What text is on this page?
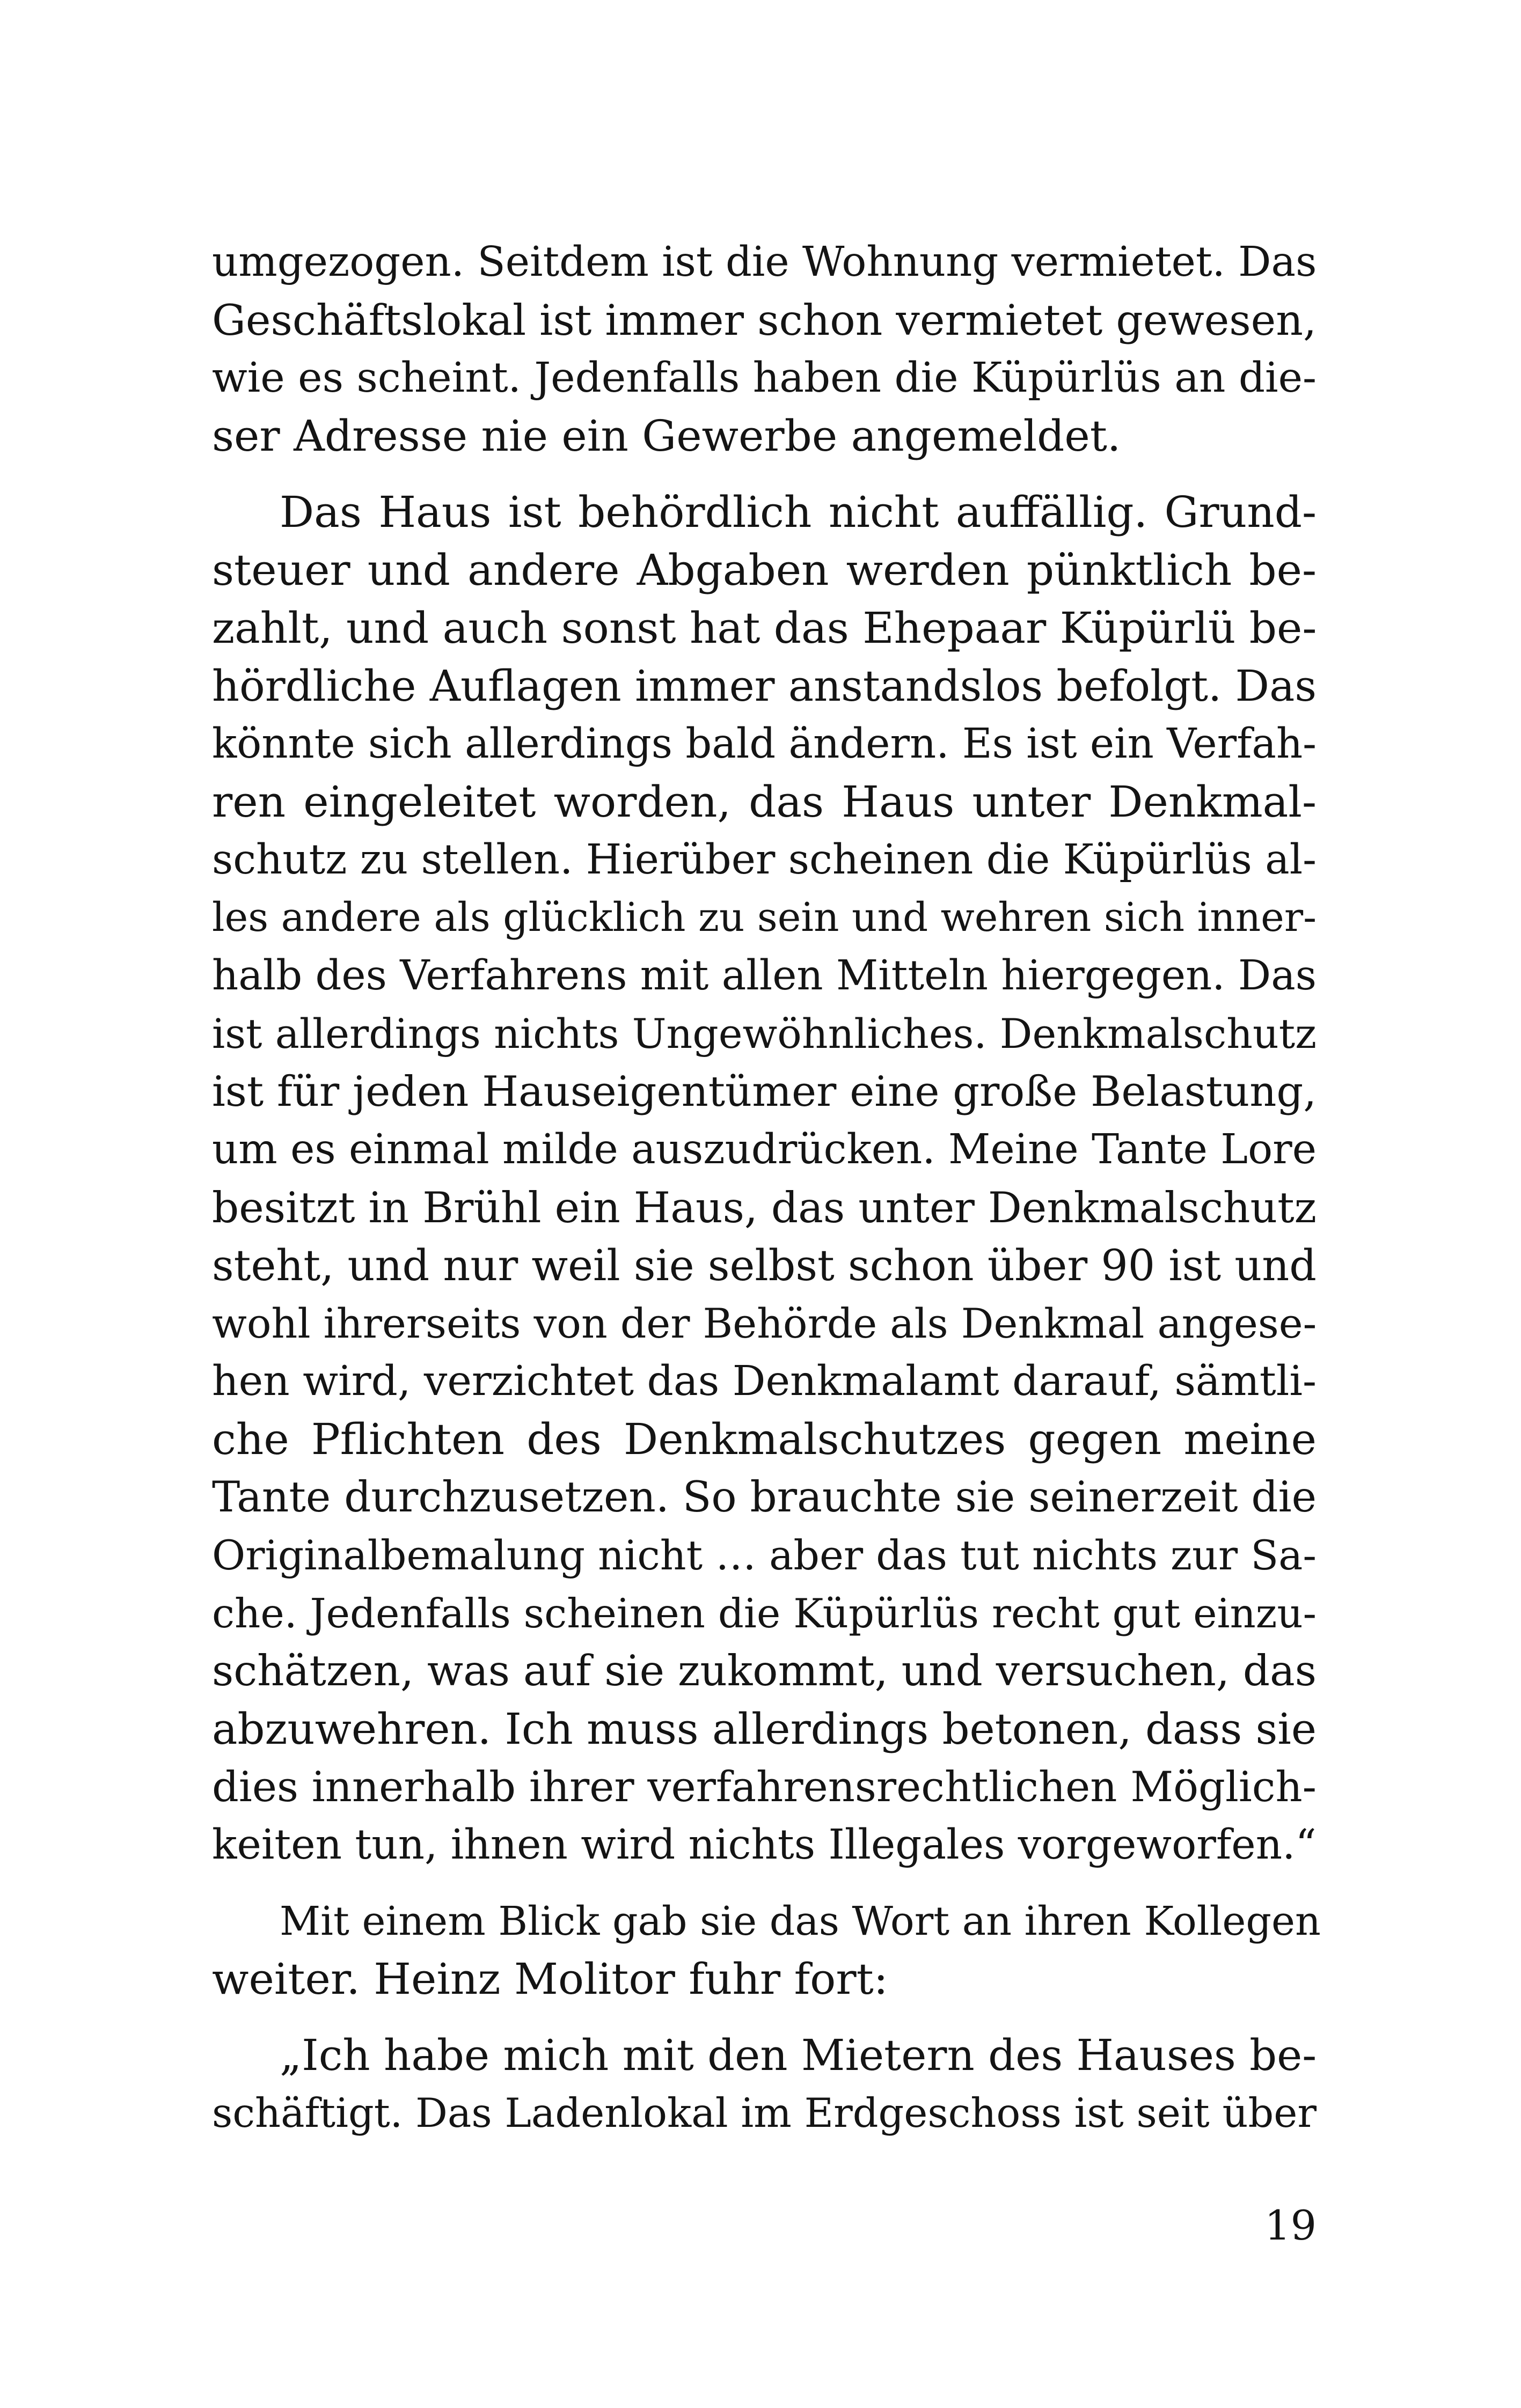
umgezogen. Seitdem ist die Wohnung vermietet. Das
Geschäftslokal ist immer schon vermietet gewesen,
wie es scheint. Jedenfalls haben die Küpürlüs an die-
ser Adresse nie ein Gewerbe angemeldet.
Das Haus ist behördlich nicht auffällig. Grund-
steuer und andere Abgaben werden pünktlich be-
zahlt, und auch sonst hat das Ehepaar Küpürlü be-
hördliche Auflagen immer anstandslos befolgt. Das
könnte sich allerdings bald ändern. Es ist ein Verfah-
ren eingeleitet worden, das Haus unter Denkmal-
schutz zu stellen. Hierüber scheinen die Küpürlüs al-
les andere als glücklich zu sein und wehren sich inner-
halb des Verfahrens mit allen Mitteln hiergegen. Das
ist allerdings nichts Ungewöhnliches. Denkmalschutz
ist für jeden Hauseigentümer eine große Belastung,
um es einmal milde auszudrücken. Meine Tante Lore
besitzt in Brühl ein Haus, das unter Denkmalschutz
steht, und nur weil sie selbst schon über 90 ist und
wohl ihrerseits von der Behörde als Denkmal angese-
hen wird, verzichtet das Denkmalamt darauf, sämtli-
che Pflichten des Denkmalschutzes gegen meine
Tante durchzusetzen. So brauchte sie seinerzeit die
Originalbemalung nicht … aber das tut nichts zur Sa-
che. Jedenfalls scheinen die Küpürlüs recht gut einzu-
schätzen, was auf sie zukommt, und versuchen, das
abzuwehren. Ich muss allerdings betonen, dass sie
dies innerhalb ihrer verfahrensrechtlichen Möglich-
keiten tun, ihnen wird nichts Illegales vorgeworfen.“
Mit einem Blick gab sie das Wort an ihren Kollegen
weiter. Heinz Molitor fuhr fort:
„Ich habe mich mit den Mietern des Hauses be-
schäftigt. Das Ladenlokal im Erdgeschoss ist seit über
19
